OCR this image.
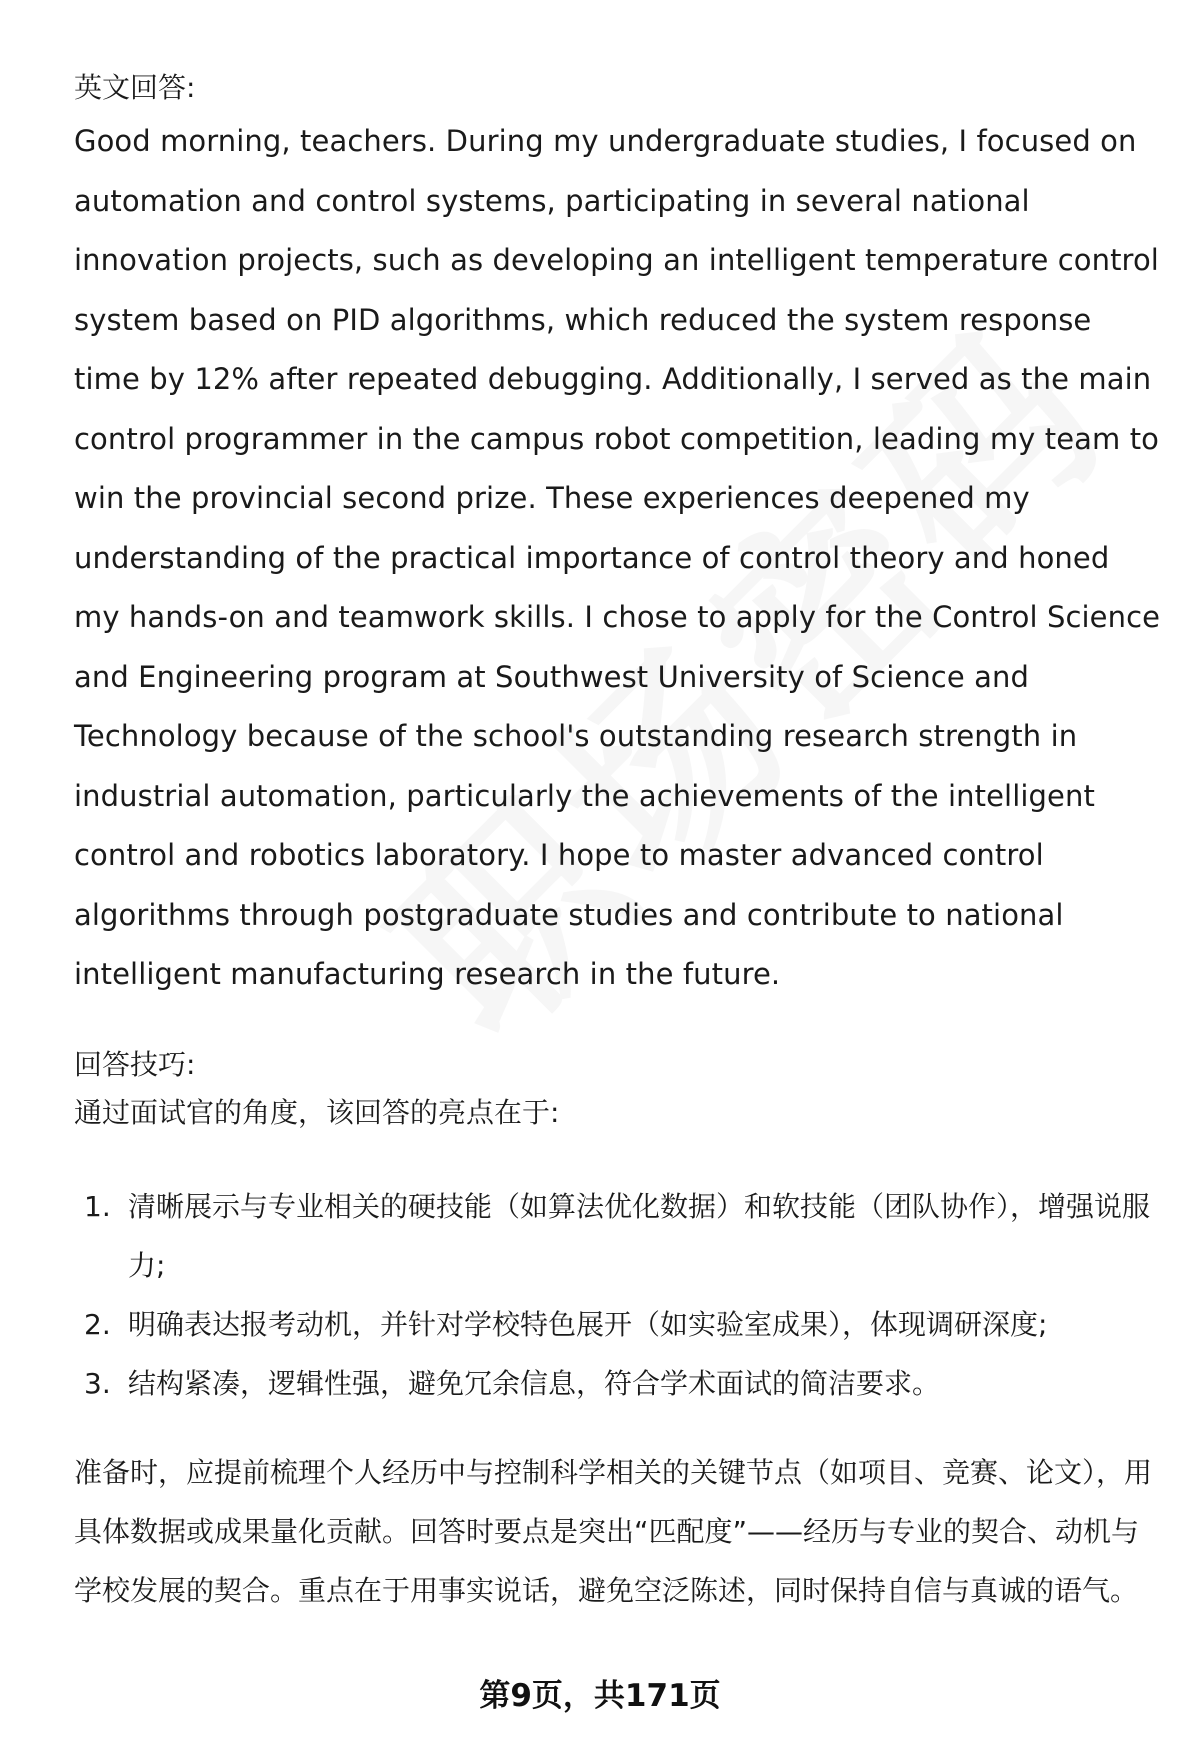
英文回答:

Good morning, teachers. During my undergraduate studies, I focused on automation and control systems, participating in several national innovation projects, such as developing an intelligent temperature control system based on PID algorithms, which reduced the system response time by 12% after repeated debugging. Additionally, I served as the main control programmer in the campus robot competition, leading my team to win the provincial second prize. These experiences deepened my understanding of the practical importance of control theory and honed my hands-on and teamwork skills. I chose to apply for the Control Science and Engineering program at Southwest University of Science and Technology because of the school's outstanding research strength in industrial automation, particularly the achievements of the intelligent control and robotics laboratory. I hope to master advanced control algorithms through postgraduate studies and contribute to national intelligent manufacturing research in the future.

回答技巧:

通过面试官的角度，该回答的亮点在于:

1. 清晰展示与专业相关的硬技能（如算法优化数据）和软技能（团队协作），增强说服力;
2. 明确表达报考动机，并针对学校特色展开（如实验室成果），体现调研深度;
3. 结构紧凑，逻辑性强，避免冗余信息，符合学术面试的简洁要求。

准备时，应提前梳理个人经历中与控制科学相关的关键节点（如项目、竞赛、论文），用具体数据或成果量化贡献。回答时要点是突出“匹配度”——经历与专业的契合、动机与学校发展的契合。重点在于用事实说话，避免空泛陈述，同时保持自信与真诚的语气。

第9页，共171页
